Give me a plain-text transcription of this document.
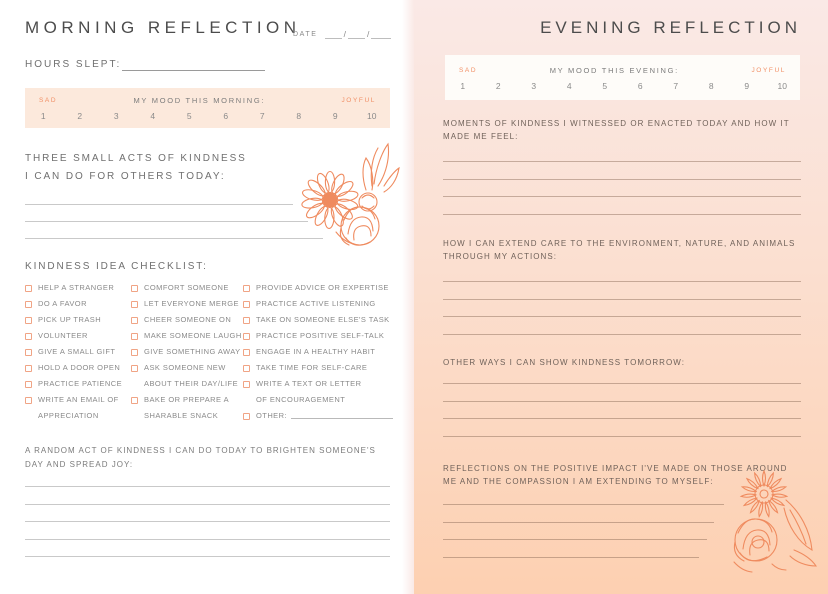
MORNING REFLECTION
DATE	/ /
HOURS SLEPT:
SAD	MY MOOD THIS MORNING:	JOYFUL
1	2	3	4	5	6	7	8	9	10
THREE SMALL ACTS OF KINDNESS
I CAN DO FOR OTHERS TODAY:
KINDNESS IDEA CHECKLIST:
HELP A STRANGER
DO A FAVOR
PICK UP TRASH
VOLUNTEER
GIVE A SMALL GIFT
HOLD A DOOR OPEN
PRACTICE PATIENCE
WRITE AN EMAIL OF
APPRECIATION
COMFORT SOMEONE
LET EVERYONE MERGE
CHEER SOMEONE ON
MAKE SOMEONE LAUGH
GIVE SOMETHING AWAY
ASK SOMEONE NEW
ABOUT THEIR DAY/LIFE
BAKE OR PREPARE A
SHARABLE SNACK
PROVIDE ADVICE OR EXPERTISE
PRACTICE ACTIVE LISTENING
TAKE ON SOMEONE ELSE'S TASK
PRACTICE POSITIVE SELF-TALK
ENGAGE IN A HEALTHY HABIT
TAKE TIME FOR SELF-CARE
WRITE A TEXT OR LETTER
OF ENCOURAGEMENT
OTHER:
A RANDOM ACT OF KINDNESS I CAN DO TODAY TO BRIGHTEN SOMEONE'S
DAY AND SPREAD JOY:
EVENING REFLECTION
SAD	MY MOOD THIS EVENING:	JOYFUL
1	2	3	4	5	6	7	8	9	10
MOMENTS OF KINDNESS I WITNESSED OR ENACTED TODAY AND HOW IT
MADE ME FEEL:
HOW I CAN EXTEND CARE TO THE ENVIRONMENT, NATURE, AND ANIMALS
THROUGH MY ACTIONS:
OTHER WAYS I CAN SHOW KINDNESS TOMORROW:
REFLECTIONS ON THE POSITIVE IMPACT I'VE MADE ON THOSE AROUND
ME AND THE COMPASSION I AM EXTENDING TO MYSELF:
